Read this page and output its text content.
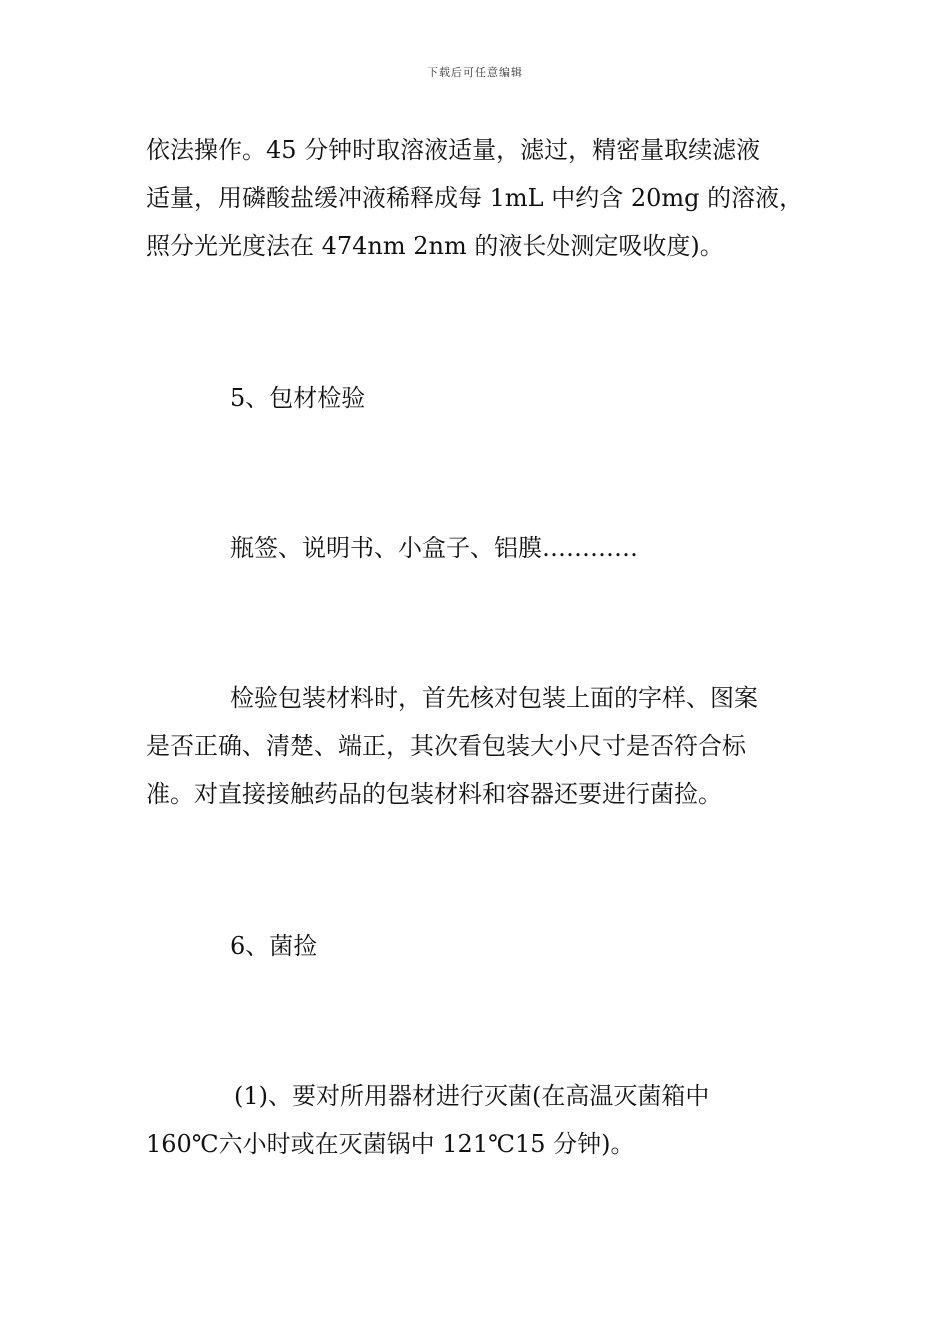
下载后可任意编辑
依法操作。45 分钟时取溶液适量，滤过，精密量取续滤液
适量，用磷酸盐缓冲液稀释成每 1mL 中约含 20mg 的溶液，
照分光光度法在 474nm 2nm 的液长处测定吸收度)。
5、包材检验
瓶签、说明书、小盒子、铝膜…………
检验包装材料时，首先核对包装上面的字样、图案
是否正确、清楚、端正，其次看包装大小尺寸是否符合标
准。对直接接触药品的包装材料和容器还要进行菌捡。
6、菌捡
(1)、要对所用器材进行灭菌(在高温灭菌箱中
160℃六小时或在灭菌锅中 121℃15 分钟)。
